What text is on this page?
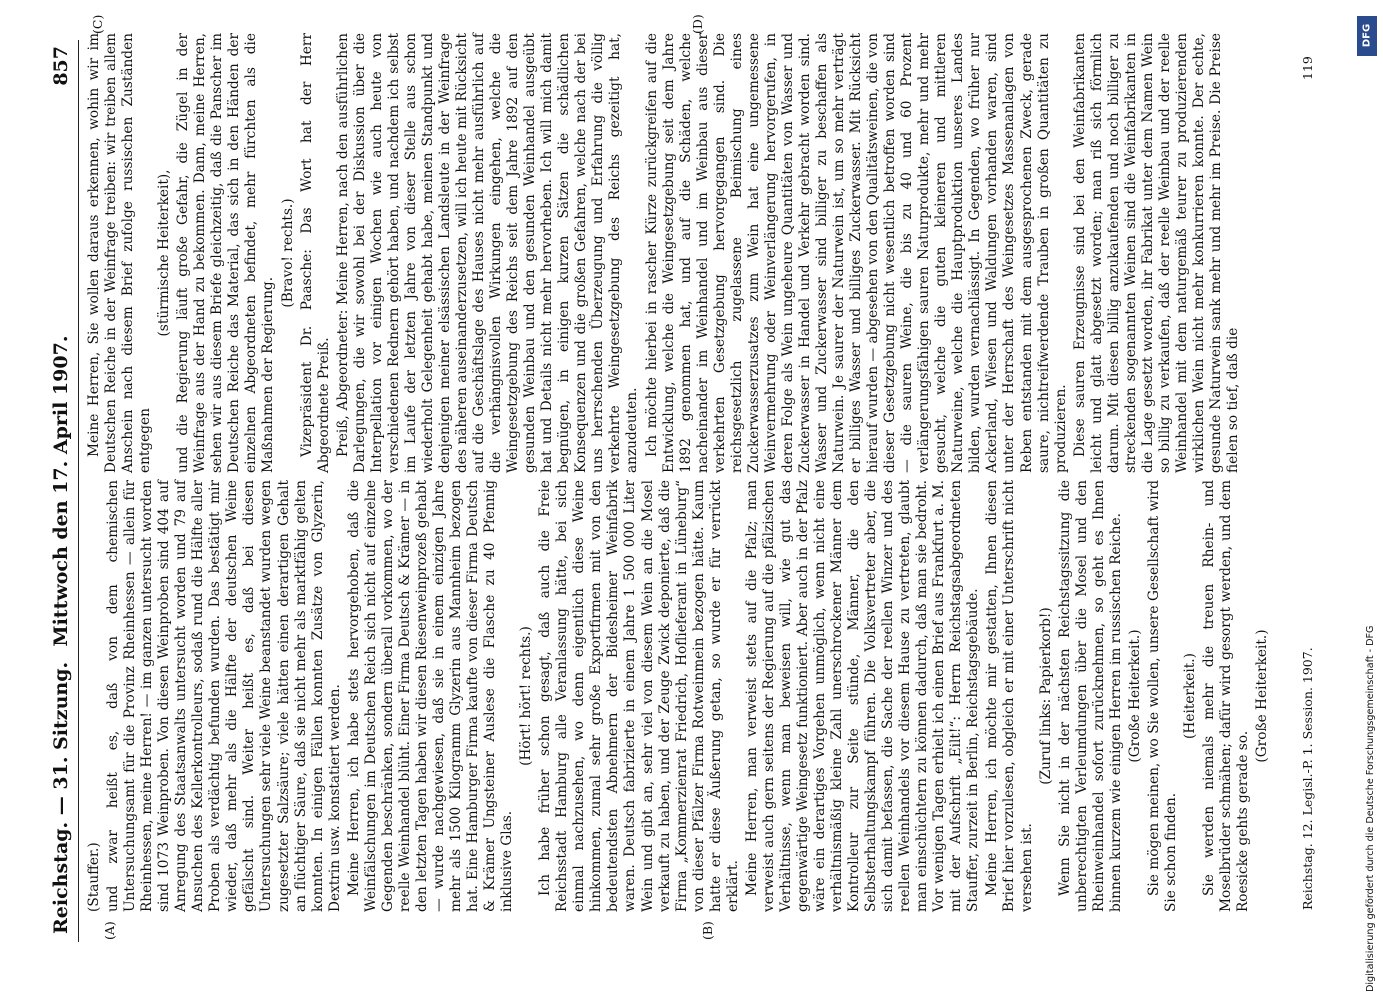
Reichstag. — 31. Sitzung.
Mittwoch den 17. April 1907.
857
(A)	(B)
(C)	(D)

(Stauffer.) und zwar heißt es, daß von dem chemischen Untersuchungsamt für die Provinz Rheinhessen — allein für Rheinhessen, meine Herren! — im ganzen untersucht worden sind 1073 Weinproben. Von diesen Weinproben sind 404 auf Anregung des Staatsanwalts untersucht worden und 79 auf Ansuchen des Kellerkontrolleurs, sodaß rund die Hälfte aller Proben als verdächtig befunden wurden. Das bestätigt mir wieder, daß mehr als die Hälfte der deutschen Weine gefälscht sind. Weiter heißt es, daß bei diesen Untersuchungen sehr viele Weine beanstandet wurden wegen zugesetzter Salzsäure; viele hätten einen derartigen Gehalt an flüchtiger Säure, daß sie nicht mehr als marktfähig gelten konnten. In einigen Fällen konnten Zusätze von Glyzerin, Dextrin usw. konstatiert werden. Meine Herren, ich habe stets hervorgehoben, daß die Weinfälschungen im Deutschen Reich sich nicht auf einzelne Gegenden beschränken, sondern überall vorkommen, wo der reelle Weinhandel blüht. Einer Firma Deutsch & Krämer — in den letzten Tagen haben wir diesen Riesenweinprozeß gehabt — wurde nachgewiesen, daß sie in einem einzigen Jahre mehr als 1500 Kilogramm Glyzerin aus Mannheim bezogen hat. Eine Hamburger Firma kaufte von dieser Firma Deutsch & Krämer Ungsteiner Auslese die Flasche zu 40 Pfennig inklusive Glas.

(Hört! hört! rechts.) Ich habe früher schon gesagt, daß auch die Freie Reichsstadt Hamburg alle Veranlassung hätte, bei sich einmal nachzusehen, wo denn eigentlich diese Weine hinkommen, zumal sehr große Exportfirmen mit von den bedeutendsten Abnehmern der Bidesheimer Weinfabrik waren. Deutsch fabrizierte in einem Jahre 1 500 000 Liter Wein und gibt an, sehr viel von diesem Wein an die Mosel verkauft zu haben, und der Zeuge Zwick deponierte, daß die Firma „Kommerzienrat Friedrich, Hoflieferant in Lüneburg“ von dieser Pfälzer Firma Rotweinmein bezogen hätte. Kaum hatte er diese Äußerung getan, so wurde er für verrückt erklärt. Meine Herren, man verweist stets auf die Pfalz; man verweist auch gern seitens der Regierung auf die pfälzischen Verhältnisse, wenn man beweisen will, wie gut das gegenwärtige Weingesetz funktioniert. Aber auch in der Pfalz wäre ein derartiges Vorgehen unmöglich, wenn nicht eine verhältnismäßig kleine Zahl unerschrockener Männer dem Kontrolleur zur Seite stünde, Männer, die den Selbsterhaltungskampf führen. Die Volksvertreter aber, die sich damit befassen, die Sache der reellen Winzer und des reellen Weinhandels vor diesem Hause zu vertreten, glaubt man einschüchtern zu können dadurch, daß man sie bedroht. Vor wenigen Tagen erhielt ich einen Brief aus Frankfurt a. M. mit der Aufschrift „Eilt!“: Herrn Reichstagsabgeordneten Stauffer, zurzeit in Berlin, Reichstagsgebäude. Meine Herren, ich möchte mir gestatten, Ihnen diesen Brief hier vorzulesen, obgleich er mit einer Unterschrift nicht versehen ist.

(Zuruf links: Papierkorb!) Wenn Sie nicht in der nächsten Reichstagssitzung die unberechtigten Verleumdungen über die Mosel und den Rheinweinhandel sofort zurücknehmen, so geht es Ihnen binnen kurzem wie einigen Herren im russischen Reiche. (Große Heiterkeit.) Sie mögen meinen, wo Sie wollen, unsere Gesellschaft wird Sie schon finden.

(Heiterkeit.) Sie werden niemals mehr die treuen Rhein- und Moselbrüder schmähen; dafür wird gesorgt werden, und dem Roesicke gehts gerade so.

(Große Heiterkeit.)

Meine Herren, Sie wollen daraus erkennen, wohin wir im Deutschen Reiche in der Weinfrage treiben: wir treiben allem Anschein nach diesem Brief zufolge russischen Zuständen entgegen

(stürmische Heiterkeit), und die Regierung läuft große Gefahr, die Zügel in der Weinfrage aus der Hand zu bekommen. Dann, meine Herren, sehen wir aus diesem Briefe gleichzeitig, daß die Panscher im Deutschen Reiche das Material, das sich in den Händen der einzelnen Abgeordneten befindet, mehr fürchten als die Maßnahmen der Regierung.

(Bravo! rechts.) Vizepräsident Dr. Paasche: Das Wort hat der Herr Abgeordnete Preiß. Preiß, Abgeordneter: Meine Herren, nach den ausführlichen Darlegungen, die wir sowohl bei der Diskussion über die Interpellation vor einigen Wochen wie auch heute von verschiedenen Rednern gehört haben, und nachdem ich selbst im Laufe der letzten Jahre von dieser Stelle aus schon wiederholt Gelegenheit gehabt habe, meinen Standpunkt und denjenigen meiner elsässischen Landsleute in der Weinfrage des näheren auseinanderzusetzen, will ich heute mit Rücksicht auf die Geschäftslage des Hauses nicht mehr ausführlich auf die verhängnisvollen Wirkungen eingehen, welche die Weingesetzgebung des Reichs seit dem Jahre 1892 auf den gesunden Weinbau und den gesunden Weinhandel ausgeübt hat und Details nicht mehr hervorheben. Ich will mich damit begnügen, in einigen kurzen Sätzen die schädlichen Konsequenzen und die großen Gefahren, welche nach der bei uns herrschenden Überzeugung und Erfahrung die völlig verkehrte Weingesetzgebung des Reichs gezeitigt hat, anzudeuten. Ich möchte hierbei in rascher Kürze zurückgreifen auf die Entwicklung, welche die Weingesetzgebung seit dem Jahre 1892 genommen hat, und auf die Schäden, welche nacheinander im Weinhandel und im Weinbau aus dieser verkehrten Gesetzgebung hervorgegangen sind. Die reichsgesetzlich zugelassene Beimischung eines Zuckerwasserzusatzes zum Wein hat eine ungemessene Weinvermehrung oder Weinverlängerung hervorgerufen, in deren Folge als Wein ungeheure Quantitäten von Wasser und Zuckerwasser in Handel und Verkehr gebracht worden sind. Wasser und Zuckerwasser sind billiger zu beschaffen als Naturwein. Je saurer der Naturwein ist, um so mehr verträgt er billiges Wasser und billiges Zuckerwasser. Mit Rücksicht hierauf wurden — abgesehen von den Qualitätsweinen, die von dieser Gesetzgebung nicht wesentlich betroffen worden sind — die sauren Weine, die bis zu 40 und 60 Prozent verlängerungsfähigen sauren Naturprodukte, mehr und mehr gesucht, welche die guten kleineren und mittleren Naturweine, welche die Hauptproduktion unseres Landes bilden, wurden vernachlässigt. In Gegenden, wo früher nur Ackerland, Wiesen und Waldungen vorhanden waren, sind unter der Herrschaft des Weingesetzes Massenanlagen von Reben entstanden mit dem ausgesprochenen Zweck, gerade saure, nichtreifwerdende Trauben in großen Quantitäten zu produzieren. Diese sauren Erzeugnisse sind bei den Weinfabrikanten leicht und glatt abgesetzt worden; man riß sich förmlich darum. Mit diesen billig anzukaufenden und noch billiger zu streckenden sogenannten Weinen sind die Weinfabrikanten in die Lage gesetzt worden, ihr Fabrikat unter dem Namen Wein so billig zu verkaufen, daß der reelle Weinbau und der reelle Weinhandel mit dem naturgemäß teurer zu produzierenden wirklichen Wein nicht mehr konkurrieren konnte. Der echte, gesunde Naturwein sank mehr und mehr im Preise. Die Preise fielen so tief, daß die

Reichstag. 12. Legisl.-P. 1. Session. 1907.
119
DFG
Digitalisierung gefördert durch die Deutsche Forschungsgemeinschaft - DFG
